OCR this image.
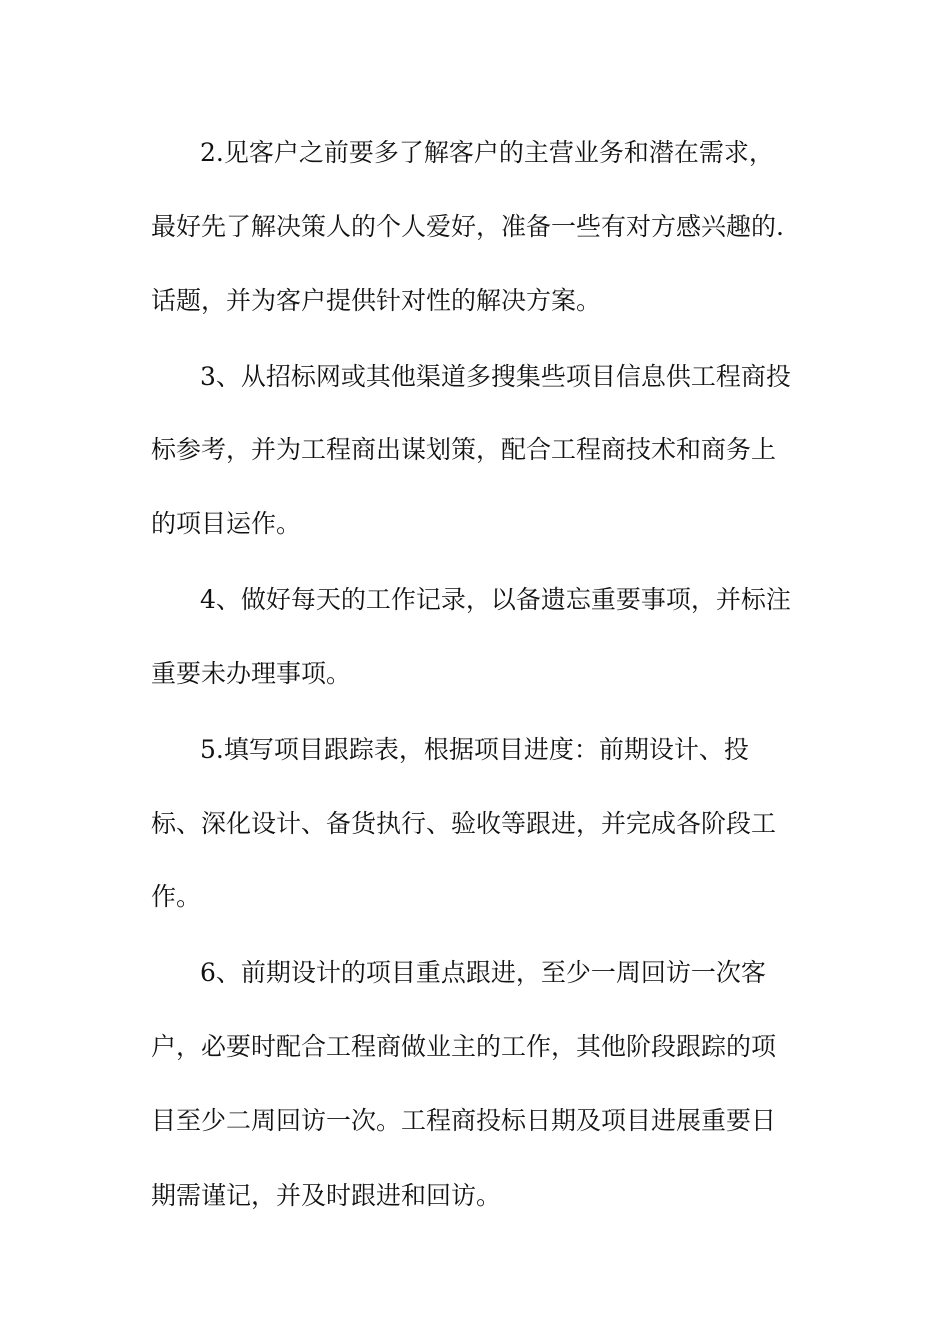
2.见客户之前要多了解客户的主营业务和潜在需求，
最好先了解决策人的个人爱好，准备一些有对方感兴趣的.
话题，并为客户提供针对性的解决方案。
3、从招标网或其他渠道多搜集些项目信息供工程商投
标参考，并为工程商出谋划策，配合工程商技术和商务上
的项目运作。
4、做好每天的工作记录，以备遗忘重要事项，并标注
重要未办理事项。
5.填写项目跟踪表，根据项目进度：前期设计、投
标、深化设计、备货执行、验收等跟进，并完成各阶段工
作。
6、前期设计的项目重点跟进，至少一周回访一次客
户，必要时配合工程商做业主的工作，其他阶段跟踪的项
目至少二周回访一次。工程商投标日期及项目进展重要日
期需谨记，并及时跟进和回访。
